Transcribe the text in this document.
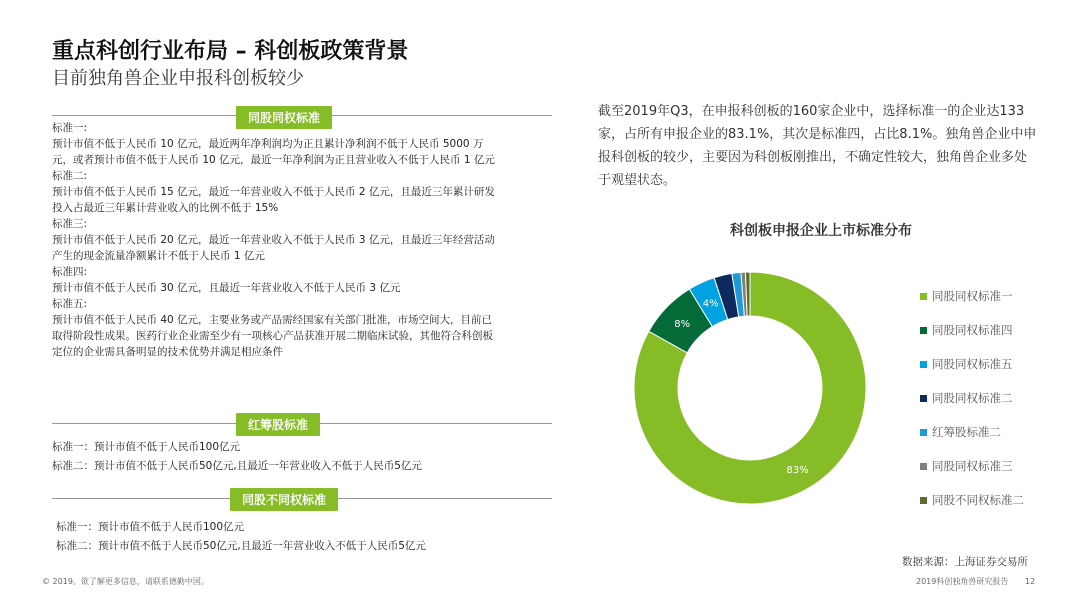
重点科创行业布局 – 科创板政策背景
目前独角兽企业申报科创板较少
同股同权标准
标准一:
预计市值不低于人民币 10 亿元，最近两年净利润均为正且累计净利润不低于人民币 5000 万
元，或者预计市值不低于人民币 10 亿元，最近一年净利润为正且营业收入不低于人民币 1 亿元
标准二:
预计市值不低于人民币 15 亿元，最近一年营业收入不低于人民币 2 亿元，且最近三年累计研发
投入占最近三年累计营业收入的比例不低于 15%
标准三:
预计市值不低于人民币 20 亿元，最近一年营业收入不低于人民币 3 亿元，且最近三年经营活动
产生的现金流量净额累计不低于人民币 1 亿元
标准四:
预计市值不低于人民币 30 亿元，且最近一年营业收入不低于人民币 3 亿元
标准五:
预计市值不低于人民币 40 亿元，主要业务或产品需经国家有关部门批准，市场空间大，目前已
取得阶段性成果。医药行业企业需至少有一项核心产品获准开展二期临床试验，其他符合科创板
定位的企业需具备明显的技术优势并满足相应条件
红筹股标准
标准一：预计市值不低于人民币100亿元
标准二：预计市值不低于人民币50亿元,且最近一年营业收入不低于人民币5亿元
同股不同权标准
标准一：预计市值不低于人民币100亿元
标准二：预计市值不低于人民币50亿元,且最近一年营业收入不低于人民币5亿元
截至2019年Q3，在申报科创板的160家企业中，选择标准一的企业达133家，占所有申报企业的83.1%，其次是标准四，占比8.1%。独角兽企业中申报科创板的较少，主要因为科创板刚推出，不确定性较大，独角兽企业多处于观望状态。
科创板申报企业上市标准分布
83%
8%
4%
同股同权标准一
同股同权标准四
同股同权标准五
同股同权标准二
红筹股标准二
同股同权标准三
同股不同权标准二
数据来源：上海证券交易所
© 2019。欲了解更多信息，请联系德勤中国。	2019科创独角兽研究报告 12
